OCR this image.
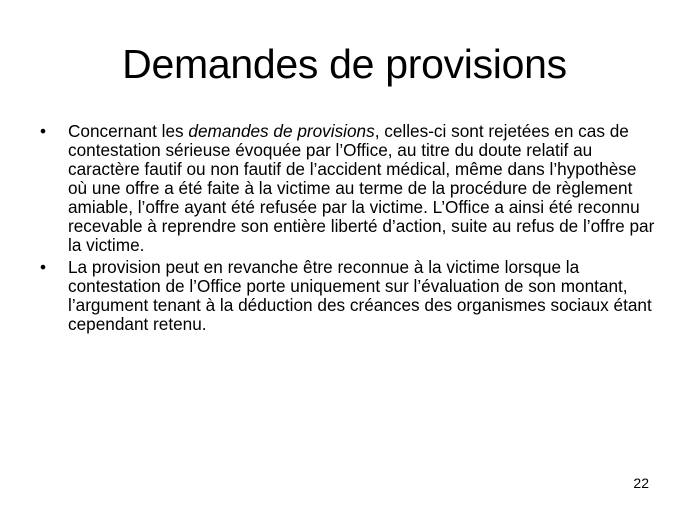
Demandes de provisions
• Concernant les demandes de provisions, celles-ci sont rejetées en cas de contestation sérieuse évoquée par l’Office, au titre du doute relatif au caractère fautif ou non fautif de l’accident médical, même dans l’hypothèse où une offre a été faite à la victime au terme de la procédure de règlement amiable, l’offre ayant été refusée par la victime. L’Office a ainsi été reconnu recevable à reprendre son entière liberté d’action, suite au refus de l’offre par la victime.
• La provision peut en revanche être reconnue à la victime lorsque la contestation de l’Office porte uniquement sur l’évaluation de son montant, l’argument tenant à la déduction des créances des organismes sociaux étant cependant retenu.
22
